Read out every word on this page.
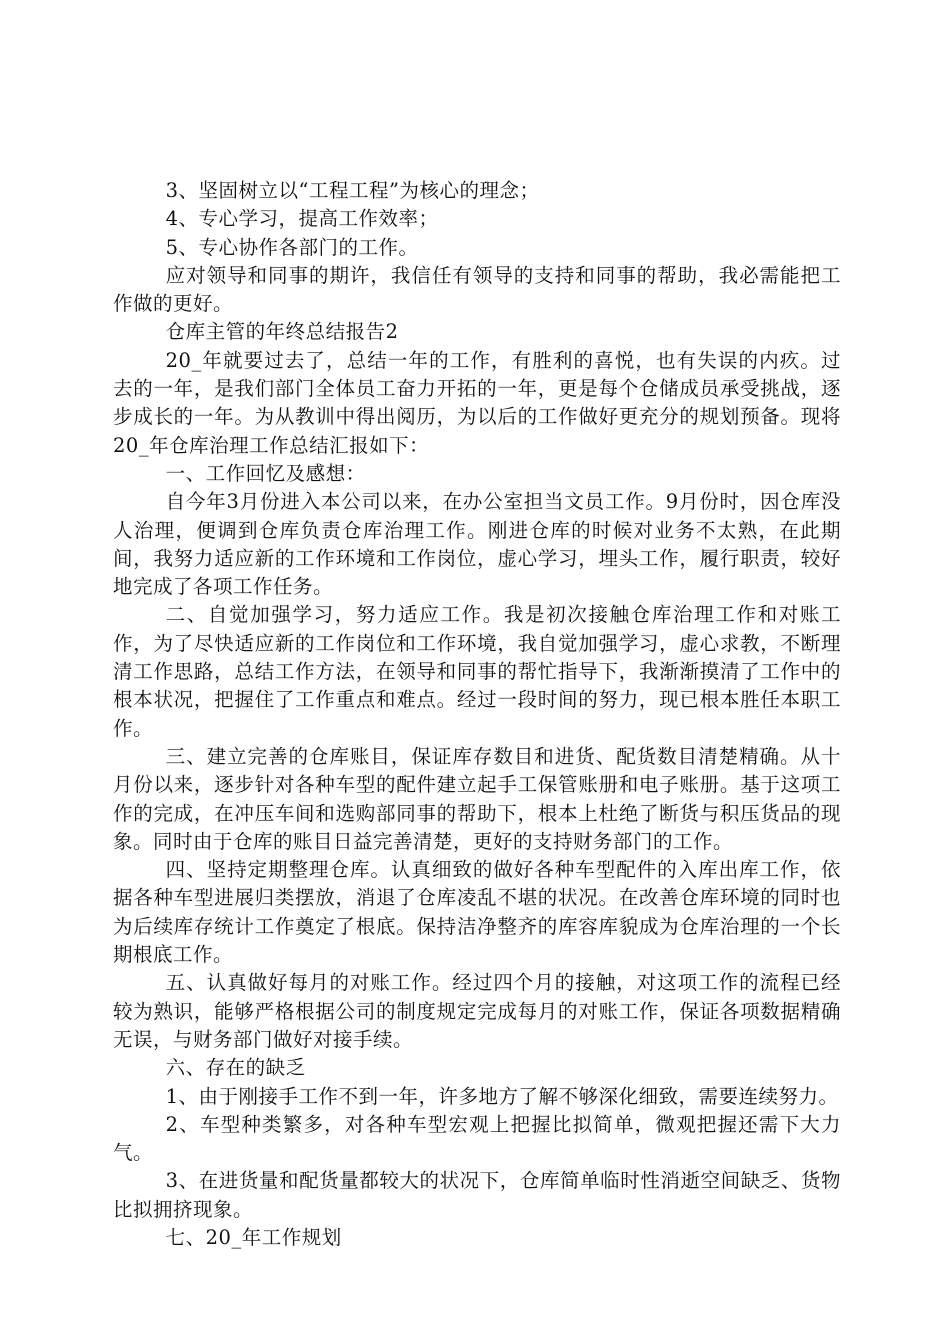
3、坚固树立以“工程工程”为核心的理念；

4、专心学习，提高工作效率；

5、专心协作各部门的工作。

应对领导和同事的期许，我信任有领导的支持和同事的帮助，我必需能把工作做的更好。

仓库主管的年终总结报告2

20_年就要过去了，总结一年的工作，有胜利的喜悦，也有失误的内疚。过去的一年，是我们部门全体员工奋力开拓的一年，更是每个仓储成员承受挑战，逐步成长的一年。为从教训中得出阅历，为以后的工作做好更充分的规划预备。现将20_年仓库治理工作总结汇报如下：

一、工作回忆及感想：

自今年3月份进入本公司以来，在办公室担当文员工作。9月份时，因仓库没人治理，便调到仓库负责仓库治理工作。刚进仓库的时候对业务不太熟，在此期间，我努力适应新的工作环境和工作岗位，虚心学习，埋头工作，履行职责，较好地完成了各项工作任务。

二、自觉加强学习，努力适应工作。我是初次接触仓库治理工作和对账工作，为了尽快适应新的工作岗位和工作环境，我自觉加强学习，虚心求教，不断理清工作思路，总结工作方法，在领导和同事的帮忙指导下，我渐渐摸清了工作中的根本状况，把握住了工作重点和难点。经过一段时间的努力，现已根本胜任本职工作。

三、建立完善的仓库账目，保证库存数目和进货、配货数目清楚精确。从十月份以来，逐步针对各种车型的配件建立起手工保管账册和电子账册。基于这项工作的完成，在冲压车间和选购部同事的帮助下，根本上杜绝了断货与积压货品的现象。同时由于仓库的账目日益完善清楚，更好的支持财务部门的工作。

四、坚持定期整理仓库。认真细致的做好各种车型配件的入库出库工作，依据各种车型进展归类摆放，消退了仓库凌乱不堪的状况。在改善仓库环境的同时也为后续库存统计工作奠定了根底。保持洁净整齐的库容库貌成为仓库治理的一个长期根底工作。

五、认真做好每月的对账工作。经过四个月的接触，对这项工作的流程已经较为熟识，能够严格根据公司的制度规定完成每月的对账工作，保证各项数据精确无误，与财务部门做好对接手续。

六、存在的缺乏

1、由于刚接手工作不到一年，许多地方了解不够深化细致，需要连续努力。

2、车型种类繁多，对各种车型宏观上把握比拟简单，微观把握还需下大力气。

3、在进货量和配货量都较大的状况下，仓库简单临时性消逝空间缺乏、货物比拟拥挤现象。

七、20_年工作规划
